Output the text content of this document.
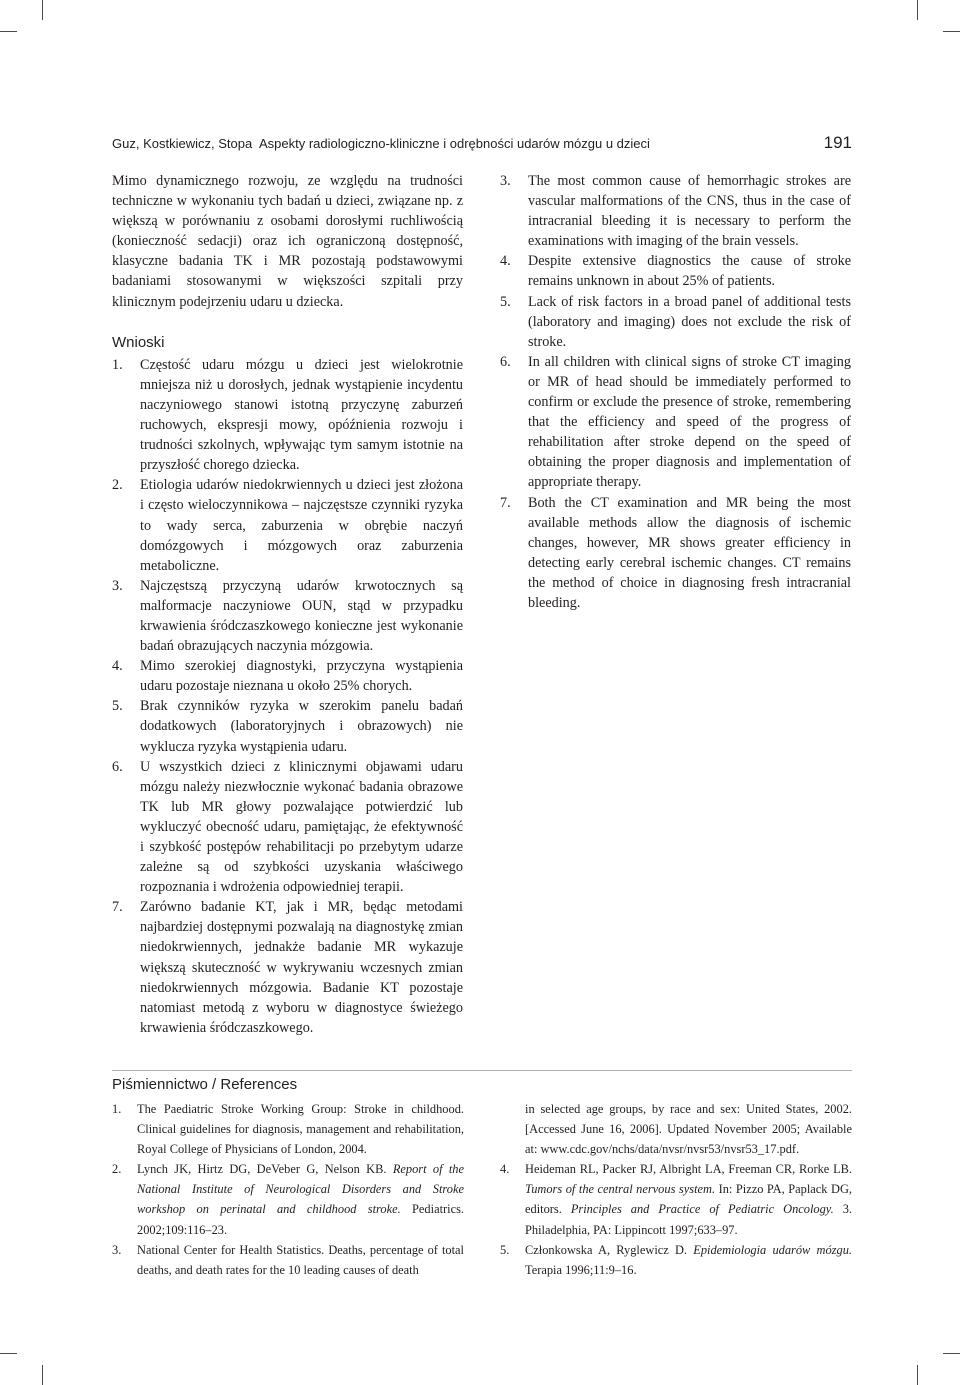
Guz, Kostkiewicz, Stopa Aspekty radiologiczno-kliniczne i odrębności udarów mózgu u dzieci	191

Mimo dynamicznego rozwoju, ze względu na trudności techniczne w wykonaniu tych badań u dzieci, związane np. z większą w porównaniu z osobami dorosłymi ruchliwością (konieczność sedacji) oraz ich ograniczoną dostępność, klasyczne badania TK i MR pozostają podstawowymi badaniami stosowanymi w większości szpitali przy klinicznym podejrzeniu udaru u dziecka.

Wnioski
1. Częstość udaru mózgu u dzieci jest wielokrotnie mniejsza niż u dorosłych, jednak wystąpienie incydentu naczyniowego stanowi istotną przyczynę zaburzeń ruchowych, ekspresji mowy, opóźnienia rozwoju i trudności szkolnych, wpływając tym samym istotnie na przyszłość chorego dziecka.
2. Etiologia udarów niedokrwiennych u dzieci jest złożona i często wieloczynnikowa – najczęstsze czynniki ryzyka to wady serca, zaburzenia w obrębie naczyń domózgowych i mózgowych oraz zaburzenia metaboliczne.
3. Najczęstszą przyczyną udarów krwotocznych są malformacje naczyniowe OUN, stąd w przypadku krwawienia śródczaszkowego konieczne jest wykonanie badań obrazujących naczynia mózgowia.
4. Mimo szerokiej diagnostyki, przyczyna wystąpienia udaru pozostaje nieznana u około 25% chorych.
5. Brak czynników ryzyka w szerokim panelu badań dodatkowych (laboratoryjnych i obrazowych) nie wyklucza ryzyka wystąpienia udaru.
6. U wszystkich dzieci z klinicznymi objawami udaru mózgu należy niezwłocznie wykonać badania obrazowe TK lub MR głowy pozwalające potwierdzić lub wykluczyć obecność udaru, pamiętając, że efektywność i szybkość postępów rehabilitacji po przebytym udarze zależne są od szybkości uzyskania właściwego rozpoznania i wdrożenia odpowiedniej terapii.
7. Zarówno badanie KT, jak i MR, będąc metodami najbardziej dostępnymi pozwalają na diagnostykę zmian niedokrwiennych, jednakże badanie MR wykazuje większą skuteczność w wykrywaniu wczesnych zmian niedokrwiennych mózgowia. Badanie KT pozostaje natomiast metodą z wyboru w diagnostyce świeżego krwawienia śródczaszkowego.
3. The most common cause of hemorrhagic strokes are vascular malformations of the CNS, thus in the case of intracranial bleeding it is necessary to perform the examinations with imaging of the brain vessels.
4. Despite extensive diagnostics the cause of stroke remains unknown in about 25% of patients.
5. Lack of risk factors in a broad panel of additional tests (laboratory and imaging) does not exclude the risk of stroke.
6. In all children with clinical signs of stroke CT imaging or MR of head should be immediately performed to confirm or exclude the presence of stroke, remembering that the efficiency and speed of the progress of rehabilitation after stroke depend on the speed of obtaining the proper diagnosis and implementation of appropriate therapy.
7. Both the CT examination and MR being the most available methods allow the diagnosis of ischemic changes, however, MR shows greater efficiency in detecting early cerebral ischemic changes. CT remains the method of choice in diagnosing fresh intracranial bleeding.
Piśmiennictwo / References
1. The Paediatric Stroke Working Group: Stroke in childhood. Clinical guidelines for diagnosis, management and rehabilitation, Royal College of Physicians of London, 2004.
2. Lynch JK, Hirtz DG, DeVeber G, Nelson KB. Report of the National Institute of Neurological Disorders and Stroke workshop on perinatal and childhood stroke. Pediatrics. 2002;109:116–23.
3. National Center for Health Statistics. Deaths, percentage of total deaths, and death rates for the 10 leading causes of death
in selected age groups, by race and sex: United States, 2002. [Accessed June 16, 2006]. Updated November 2005; Available at: www.cdc.gov/nchs/data/nvsr/nvsr53/nvsr53_17.pdf.
4. Heideman RL, Packer RJ, Albright LA, Freeman CR, Rorke LB. Tumors of the central nervous system. In: Pizzo PA, Paplack DG, editors. Principles and Practice of Pediatric Oncology. 3. Philadelphia, PA: Lippincott 1997;633–97.
5. Członkowska A, Ryglewicz D. Epidemiologia udarów mózgu. Terapia 1996;11:9–16.
